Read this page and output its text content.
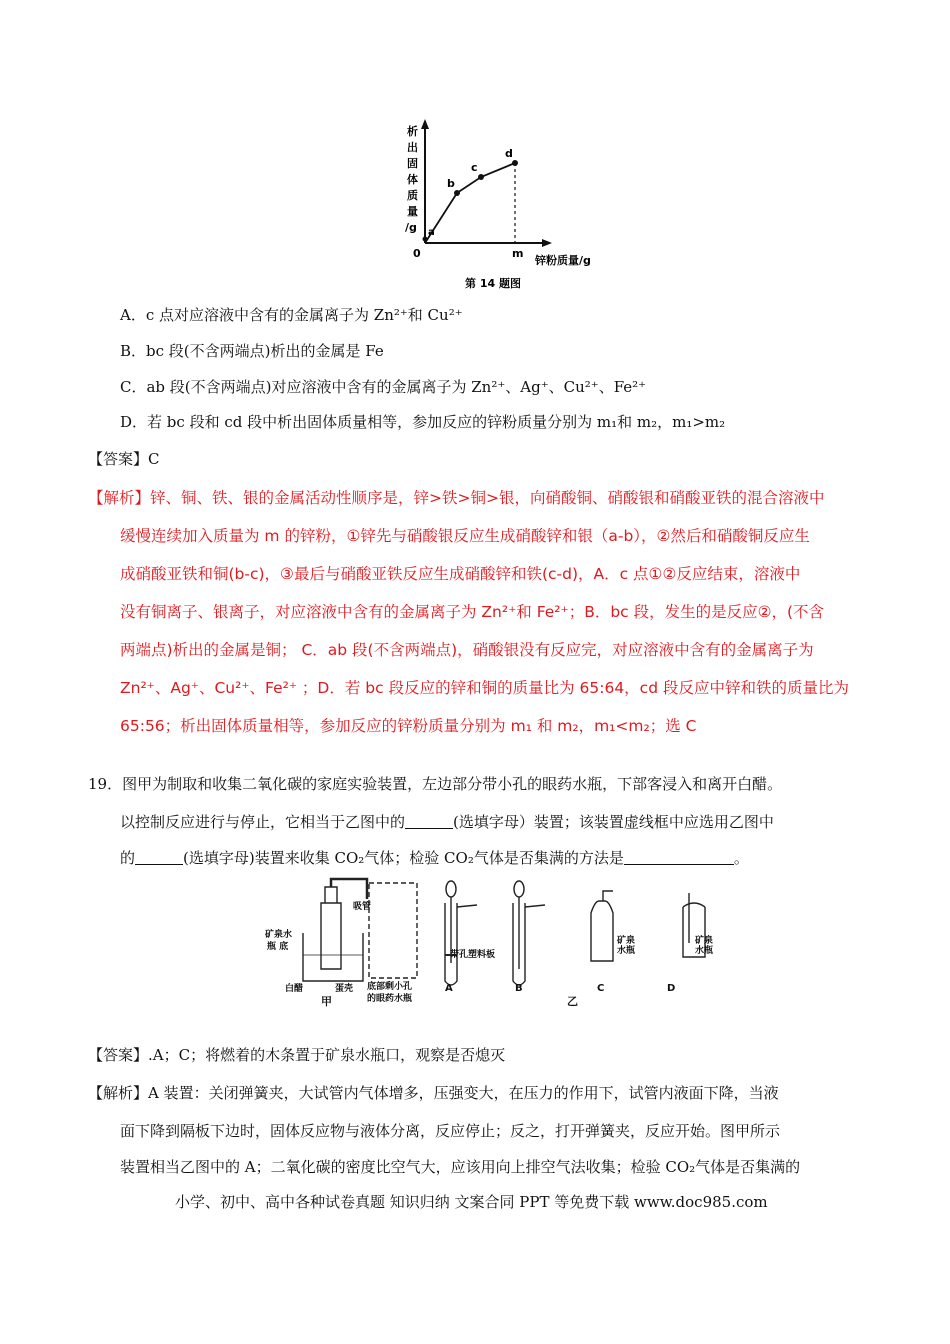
析
出
固
体
质
量
/g
0	m
锌粉质量/g
a
b
c
d
第 14 题图
A．c 点对应溶液中含有的金属离子为 Zn²⁺和 Cu²⁺
B．bc 段(不含两端点)析出的金属是 Fe
C．ab 段(不含两端点)对应溶液中含有的金属离子为 Zn²⁺、Ag⁺、Cu²⁺、Fe²⁺
D．若 bc 段和 cd 段中析出固体质量相等，参加反应的锌粉质量分别为 m₁和 m₂，m₁>m₂
【答案】C
【解析】锌、铜、铁、银的金属活动性顺序是，锌>铁>铜>银，向硝酸铜、硝酸银和硝酸亚铁的混合溶液中
缓慢连续加入质量为 m 的锌粉，①锌先与硝酸银反应生成硝酸锌和银（a-b），②然后和硝酸铜反应生
成硝酸亚铁和铜(b-c)，③最后与硝酸亚铁反应生成硝酸锌和铁(c-d)，A．c 点①②反应结束，溶液中
没有铜离子、银离子，对应溶液中含有的金属离子为 Zn²⁺和 Fe²⁺；B．bc 段，发生的是反应②，(不含
两端点)析出的金属是铜； C．ab 段(不含两端点)，硝酸银没有反应完，对应溶液中含有的金属离子为
Zn²⁺、Ag⁺、Cu²⁺、Fe²⁺ ；D．若 bc 段反应的锌和铜的质量比为 65:64，cd 段反应中锌和铁的质量比为
65:56；析出固体质量相等，参加反应的锌粉质量分别为 m₁ 和 m₂，m₁<m₂；选 C
19．图甲为制取和收集二氧化碳的家庭实验装置，左边部分带小孔的眼药水瓶，下部客浸入和离开白醋。
以控制反应进行与停止，它相当于乙图中的	(选填字母）装置；该装置虚线框中应选用乙图中
的	(选填字母)装置来收集 CO₂气体；检验 CO₂气体是否集满的方法是	。
矿泉水
瓶 底
吸管
白醋	蛋壳 底部剩小孔
的眼药水瓶
甲
带孔塑料板
A	B	C	D
矿泉
水瓶
矿泉
水瓶
乙
【答案】.A；C；将燃着的木条置于矿泉水瓶口，观察是否熄灭
【解析】A 装置：关闭弹簧夹，大试管内气体增多，压强变大，在压力的作用下，试管内液面下降，当液
面下降到隔板下边时，固体反应物与液体分离，反应停止；反之，打开弹簧夹，反应开始。图甲所示
装置相当乙图中的 A；二氧化碳的密度比空气大，应该用向上排空气法收集；检验 CO₂气体是否集满的
小学、初中、高中各种试卷真题 知识归纳 文案合同 PPT 等免费下载 www.doc985.com
